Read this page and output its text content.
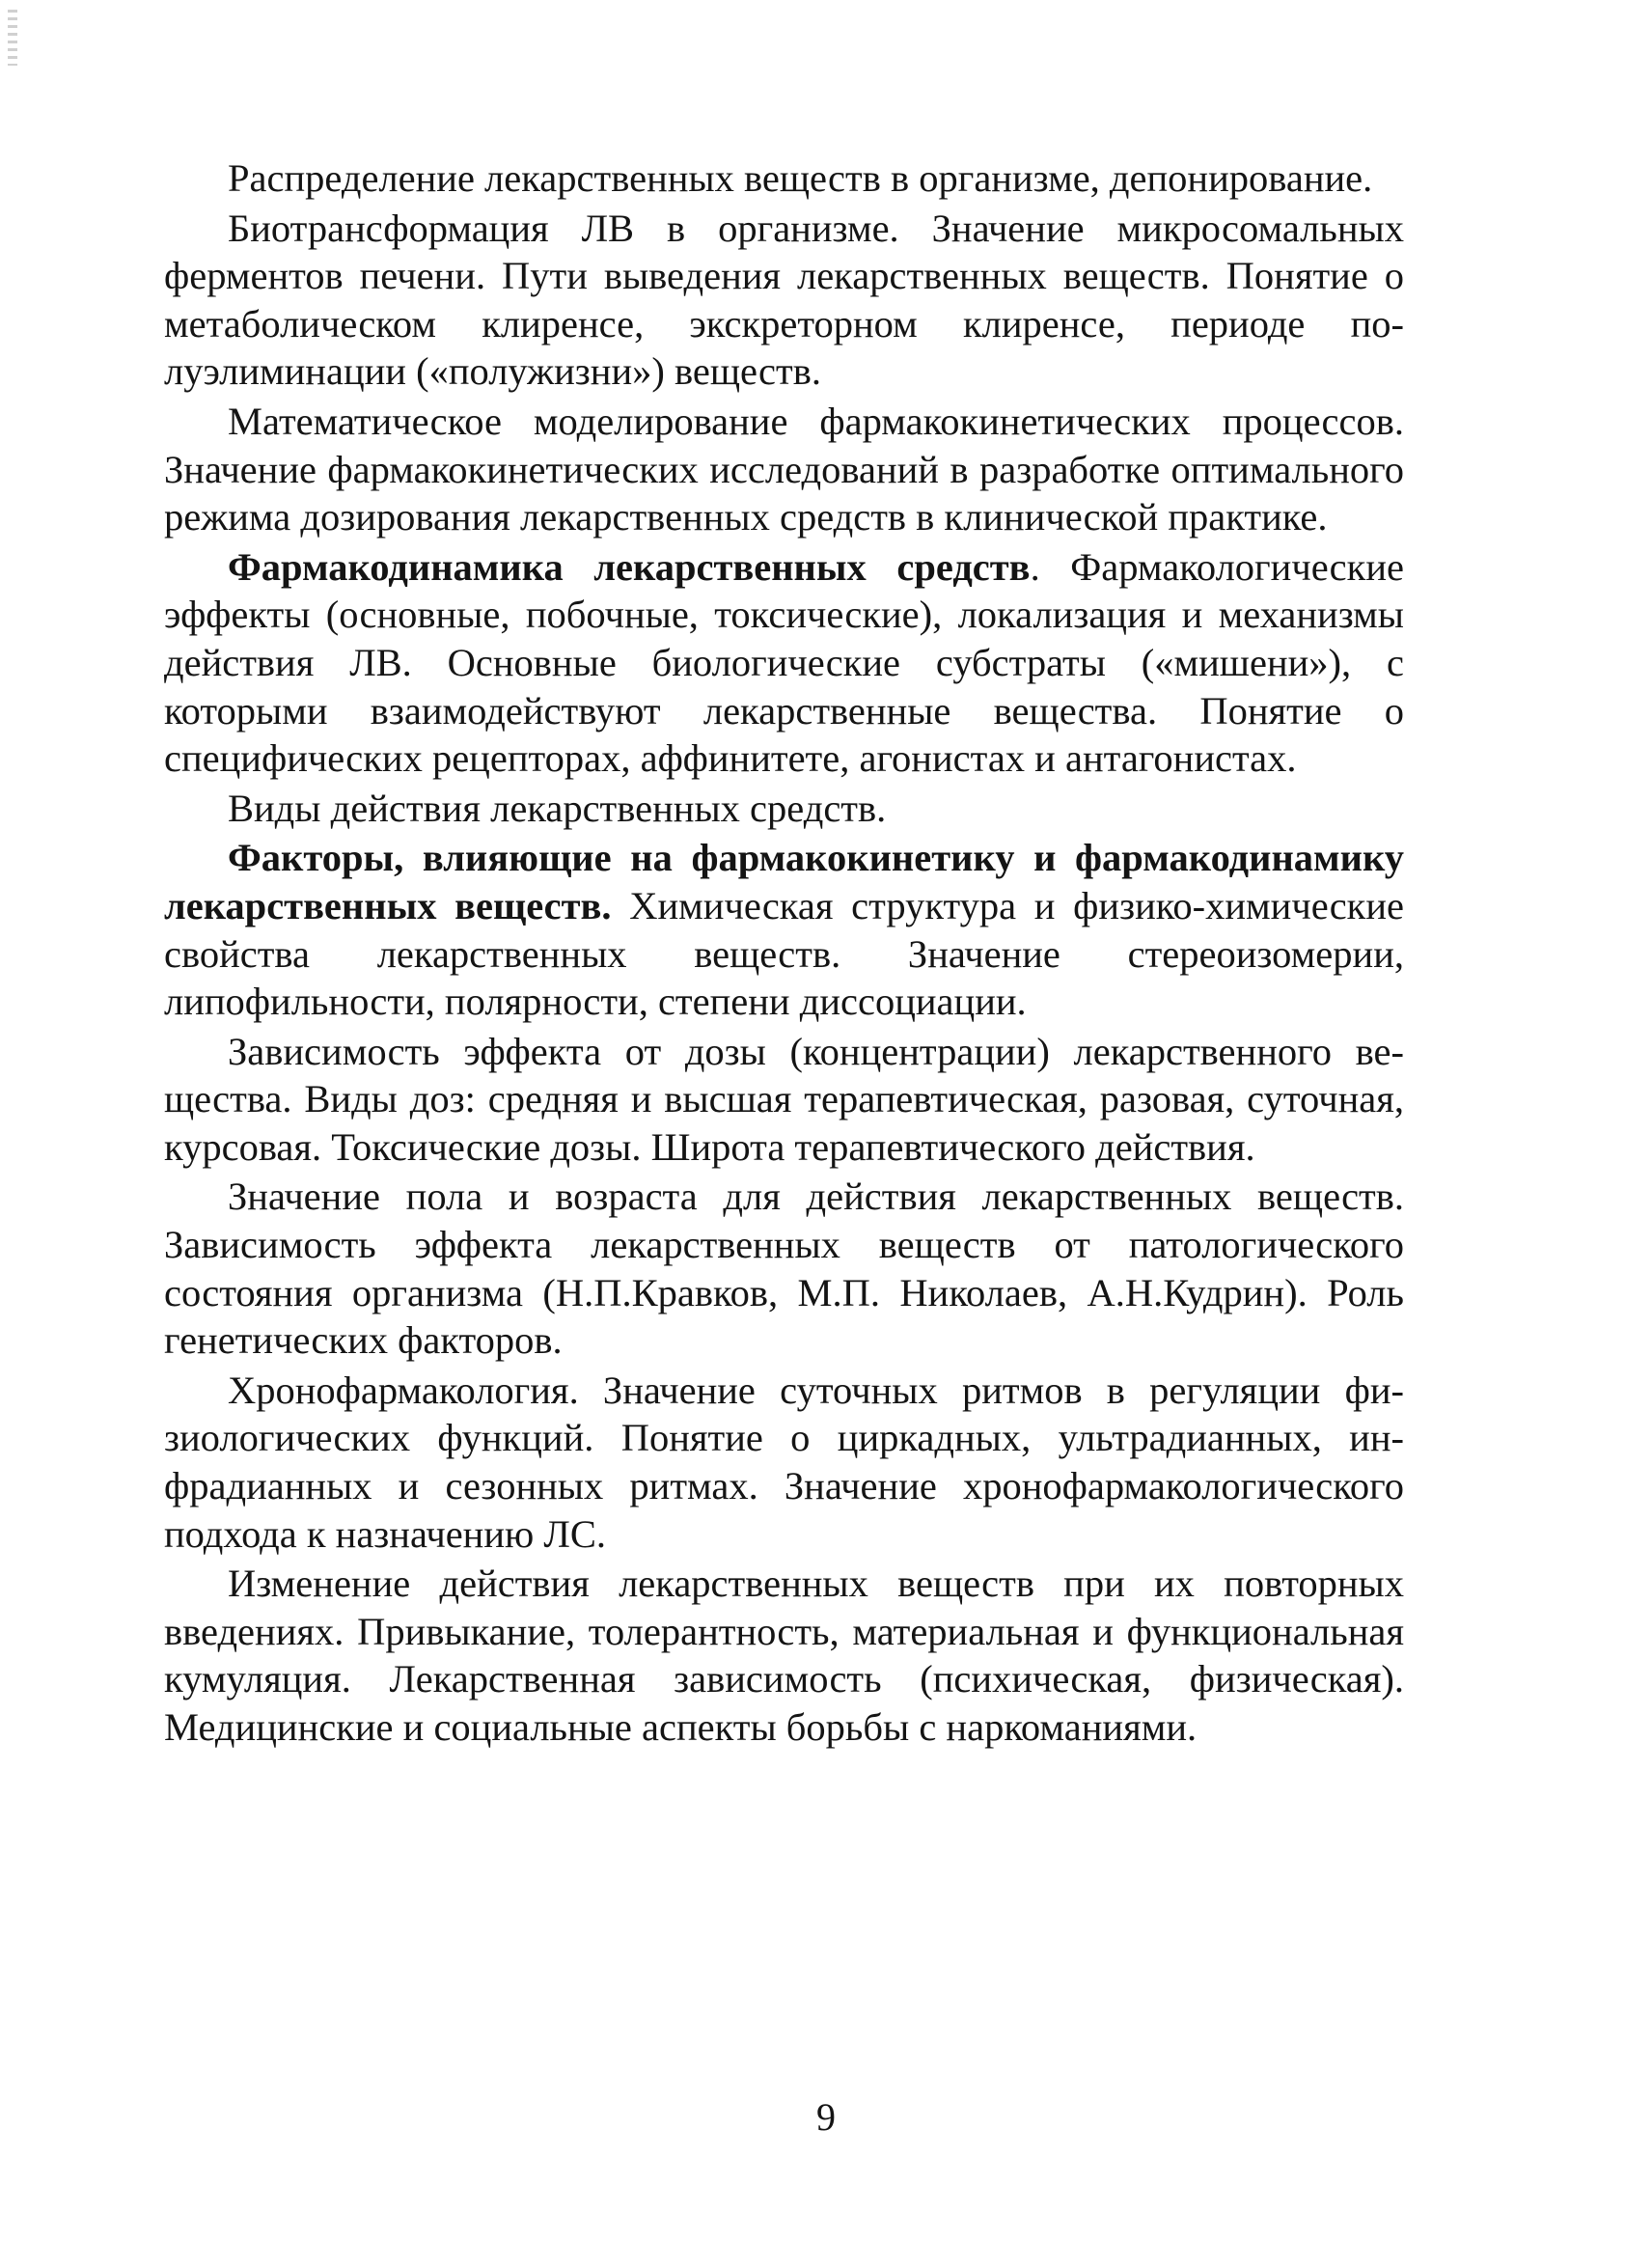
Распределение лекарственных веществ в организме, депонирование.

Биотрансформация ЛВ в организме. Значение микросомальных ферментов печени. Пути выведения лекарственных веществ. Понятие о метаболическом клиренсе, экскреторном клиренсе, периоде полуэлиминации («полужизни») веществ.

Математическое моделирование фармакокинетических процессов. Значение фармакокинетических исследований в разработке оптимального режима дозирования лекарственных средств в клинической практике.

Фармакодинамика лекарственных средств. Фармакологические эффекты (основные, побочные, токсические), локализация и механизмы действия ЛВ. Основные биологические субстраты («мишени»), с которыми взаимодействуют лекарственные вещества. Понятие о специфических рецепторах, аффинитете, агонистах и антагонистах.

Виды действия лекарственных средств.

Факторы, влияющие на фармакокинетику и фармакодинамику лекарственных веществ. Химическая структура и физико-химические свойства лекарственных веществ. Значение стереоизомерии, липофильности, полярности, степени диссоциации.

Зависимость эффекта от дозы (концентрации) лекарственного вещества. Виды доз: средняя и высшая терапевтическая, разовая, суточная, курсовая. Токсические дозы. Широта терапевтического действия.

Значение пола и возраста для действия лекарственных веществ. Зависимость эффекта лекарственных веществ от патологического состояния организма (Н.П.Кравков, М.П. Николаев, А.Н.Кудрин). Роль генетических факторов.

Хронофармакология. Значение суточных ритмов в регуляции физиологических функций. Понятие о циркадных, ультрадианных, инфрадианных и сезонных ритмах. Значение хронофармакологического подхода к назначению ЛС.

Изменение действия лекарственных веществ при их повторных введениях. Привыкание, толерантность, материальная и функциональная кумуляция. Лекарственная зависимость (психическая, физическая). Медицинские и социальные аспекты борьбы с наркоманиями.

9
